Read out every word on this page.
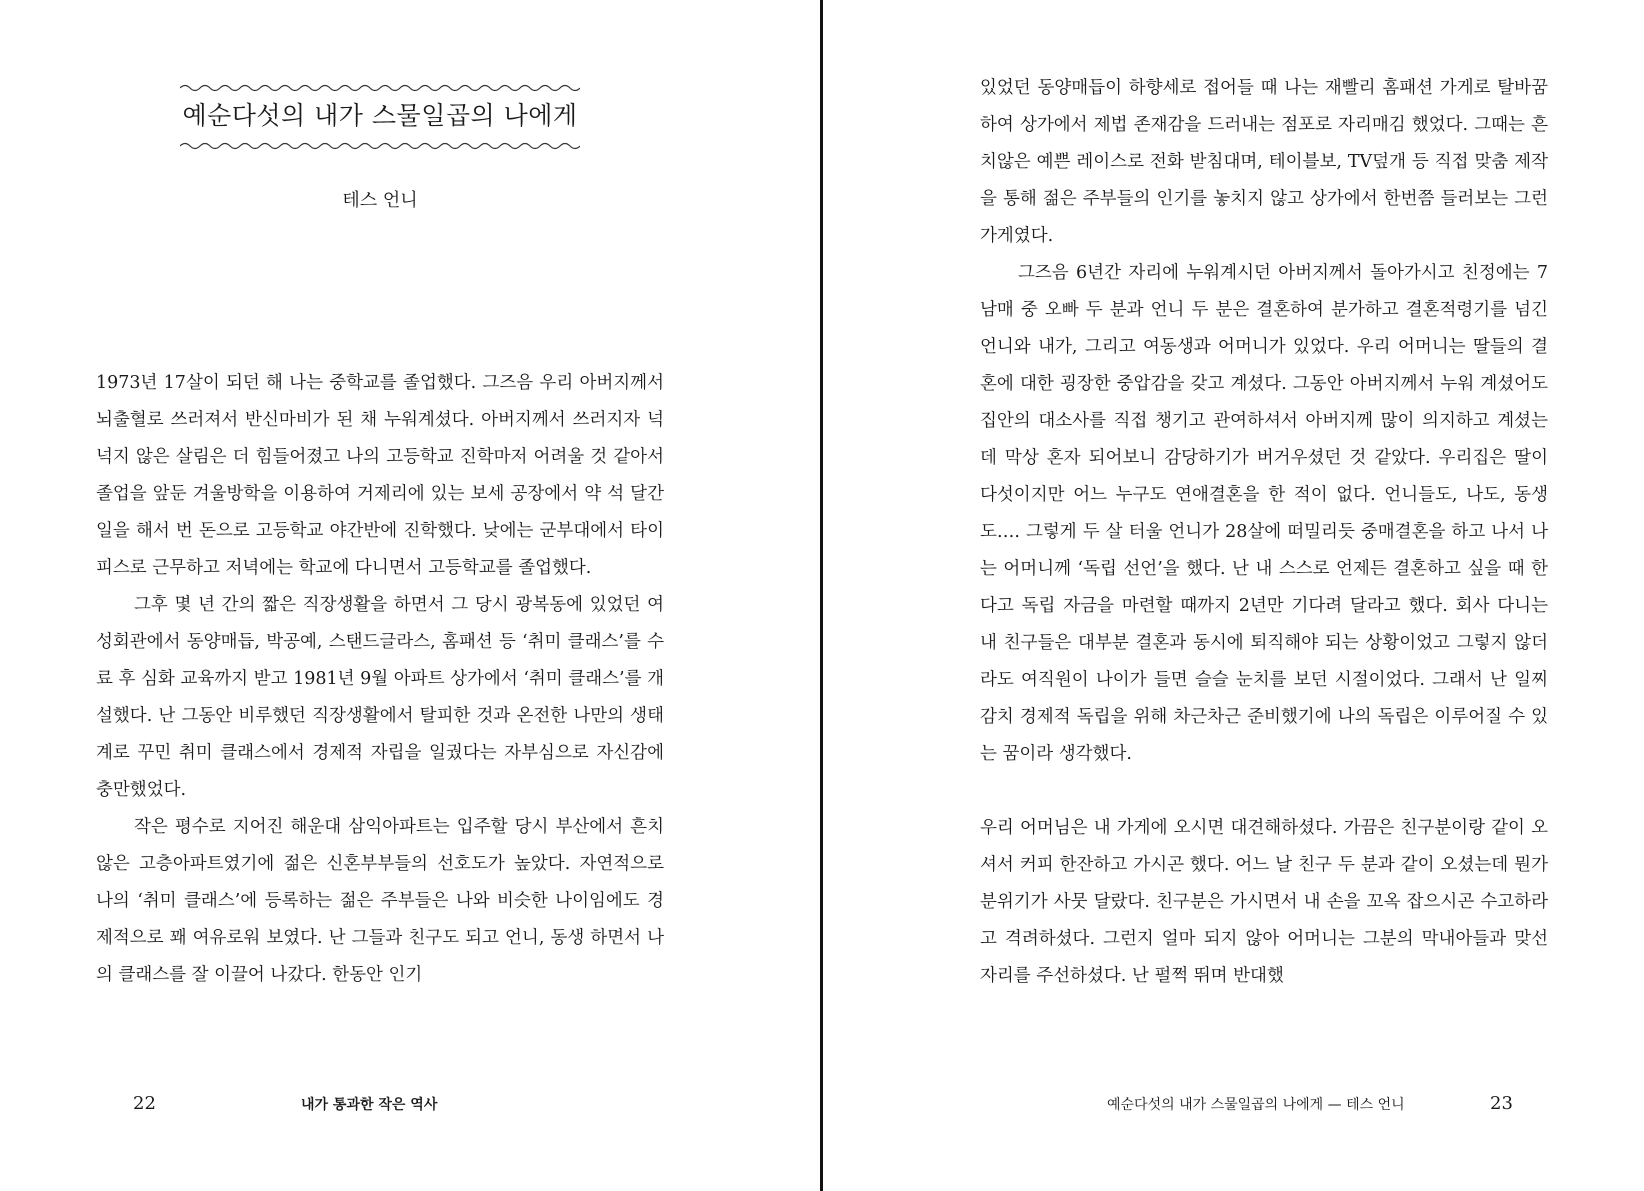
예순다섯의 내가 스물일곱의 나에게
테스 언니

1973년 17살이 되던 해 나는 중학교를 졸업했다. 그즈음 우리 아버지께서 뇌출혈로 쓰러져서 반신마비가 된 채 누워계셨다. 아버지께서 쓰러지자 넉넉지 않은 살림은 더 힘들어졌고 나의 고등학교 진학마저 어려울 것 같아서 졸업을 앞둔 겨울방학을 이용하여 거제리에 있는 보세 공장에서 약 석 달간 일을 해서 번 돈으로 고등학교 야간반에 진학했다. 낮에는 군부대에서 타이피스로 근무하고 저녁에는 학교에 다니면서 고등학교를 졸업했다.

그후 몇 년 간의 짧은 직장생활을 하면서 그 당시 광복동에 있었던 여성회관에서 동양매듭, 박공예, 스탠드글라스, 홈패션 등 ‘취미 클래스’를 수료 후 심화 교육까지 받고 1981년 9월 아파트 상가에서 ‘취미 클래스’를 개설했다. 난 그동안 비루했던 직장생활에서 탈피한 것과 온전한 나만의 생태계로 꾸민 취미 클래스에서 경제적 자립을 일궜다는 자부심으로 자신감에 충만했었다.

작은 평수로 지어진 해운대 삼익아파트는 입주할 당시 부산에서 흔치않은 고층아파트였기에 젊은 신혼부부들의 선호도가 높았다. 자연적으로 나의 ‘취미 클래스’에 등록하는 젊은 주부들은 나와 비슷한 나이임에도 경제적으로 꽤 여유로워 보였다. 난 그들과 친구도 되고 언니, 동생 하면서 나의 클래스를 잘 이끌어 나갔다. 한동안 인기

22	내가 통과한 작은 역사

있었던 동양매듭이 하향세로 접어들 때 나는 재빨리 홈패션 가게로 탈바꿈하여 상가에서 제법 존재감을 드러내는 점포로 자리매김 했었다. 그때는 흔치않은 예쁜 레이스로 전화 받침대며, 테이블보, TV덮개 등 직접 맞춤 제작을 통해 젊은 주부들의 인기를 놓치지 않고 상가에서 한번쯤 들러보는 그런 가게였다.

그즈음 6년간 자리에 누워계시던 아버지께서 돌아가시고 친정에는 7남매 중 오빠 두 분과 언니 두 분은 결혼하여 분가하고 결혼적령기를 넘긴 언니와 내가, 그리고 여동생과 어머니가 있었다. 우리 어머니는 딸들의 결혼에 대한 굉장한 중압감을 갖고 계셨다. 그동안 아버지께서 누워 계셨어도 집안의 대소사를 직접 챙기고 관여하셔서 아버지께 많이 의지하고 계셨는데 막상 혼자 되어보니 감당하기가 버거우셨던 것 같았다. 우리집은 딸이 다섯이지만 어느 누구도 연애결혼을 한 적이 없다. 언니들도, 나도, 동생도…. 그렇게 두 살 터울 언니가 28살에 떠밀리듯 중매결혼을 하고 나서 나는 어머니께 ‘독립 선언’을 했다. 난 내 스스로 언제든 결혼하고 싶을 때 한다고 독립 자금을 마련할 때까지 2년만 기다려 달라고 했다. 회사 다니는 내 친구들은 대부분 결혼과 동시에 퇴직해야 되는 상황이었고 그렇지 않더라도 여직원이 나이가 들면 슬슬 눈치를 보던 시절이었다. 그래서 난 일찌감치 경제적 독립을 위해 차근차근 준비했기에 나의 독립은 이루어질 수 있는 꿈이라 생각했다.

우리 어머님은 내 가게에 오시면 대견해하셨다. 가끔은 친구분이랑 같이 오셔서 커피 한잔하고 가시곤 했다. 어느 날 친구 두 분과 같이 오셨는데 뭔가 분위기가 사뭇 달랐다. 친구분은 가시면서 내 손을 꼬옥 잡으시곤 수고하라고 격려하셨다. 그런지 얼마 되지 않아 어머니는 그분의 막내아들과 맞선 자리를 주선하셨다. 난 펄쩍 뛰며 반대했

예순다섯의 내가 스물일곱의 나에게 — 테스 언니	23
